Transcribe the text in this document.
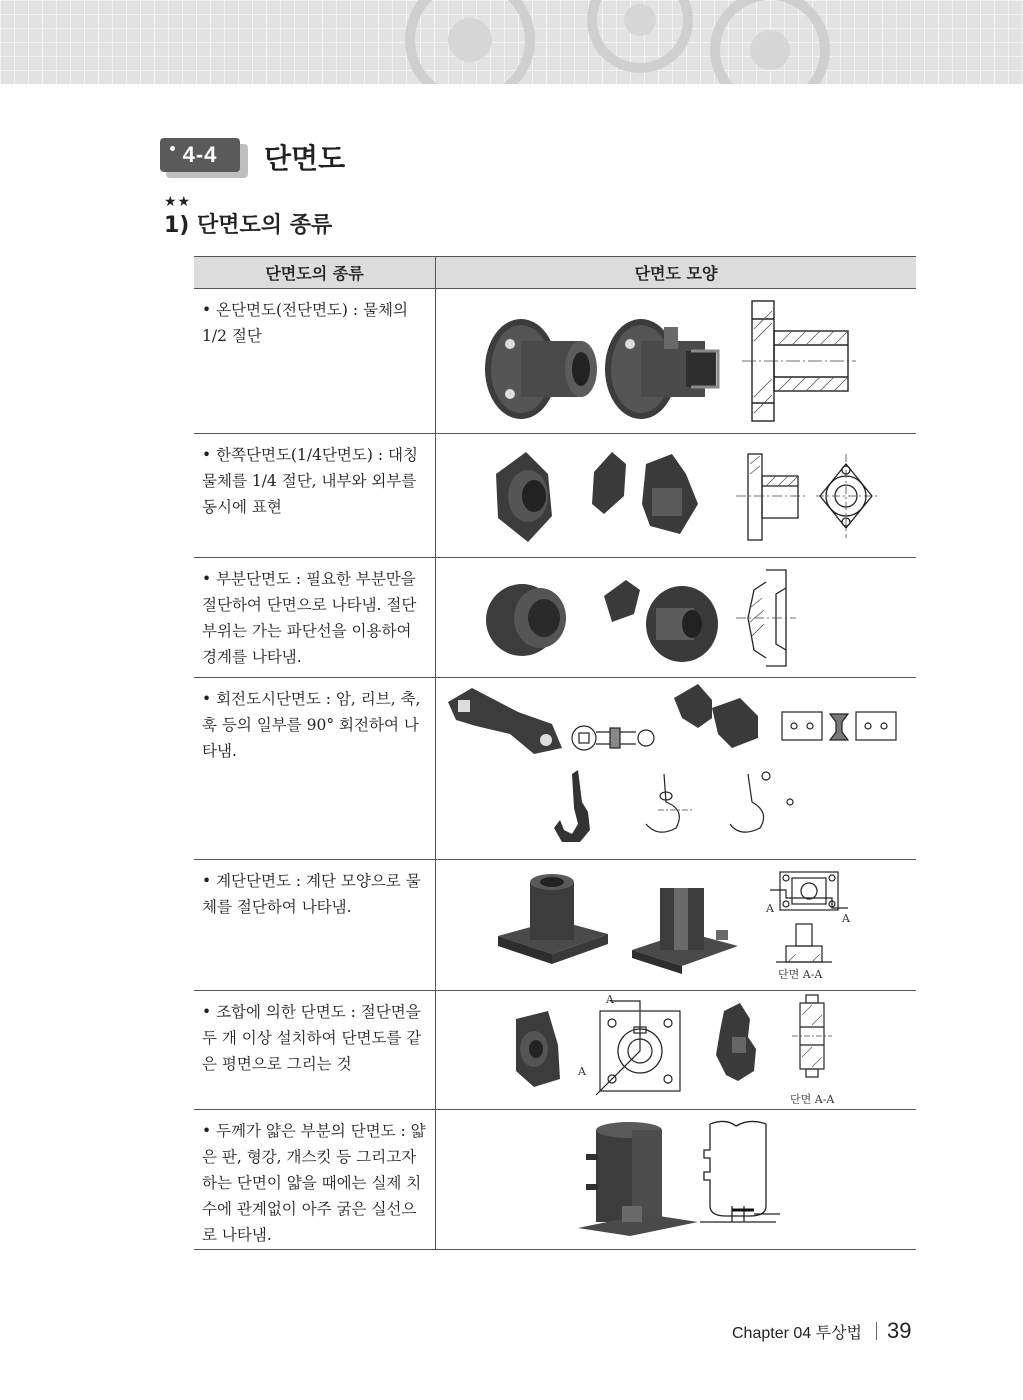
4-4 단면도
★★
1) 단면도의 종류
단면도의 종류	단면도 모양
• 온단면도(전단면도) : 물체의 1/2 절단
• 한쪽단면도(1/4단면도) : 대칭물체를 1/4 절단, 내부와 외부를 동시에 표현
• 부분단면도 : 필요한 부분만을 절단하여 단면으로 나타냄. 절단 부위는 가는 파단선을 이용하여 경계를 나타냄.
• 회전도시단면도 : 암, 리브, 축, 훅 등의 일부를 90° 회전하여 나타냄.
• 계단단면도 : 계단 모양으로 물체를 절단하여 나타냄.	A
A
단면 A-A
• 조합에 의한 단면도 : 절단면을 두 개 이상 설치하여 단면도를 같은 평면으로 그리는 것
A
A
단면 A-A
• 두께가 얇은 부분의 단면도 : 얇은 판, 형강, 개스킷 등 그리고자 하는 단면이 얇을 때에는 실제 치수에 관계없이 아주 굵은 실선으로 나타냄.
Chapter 04 투상법 39
